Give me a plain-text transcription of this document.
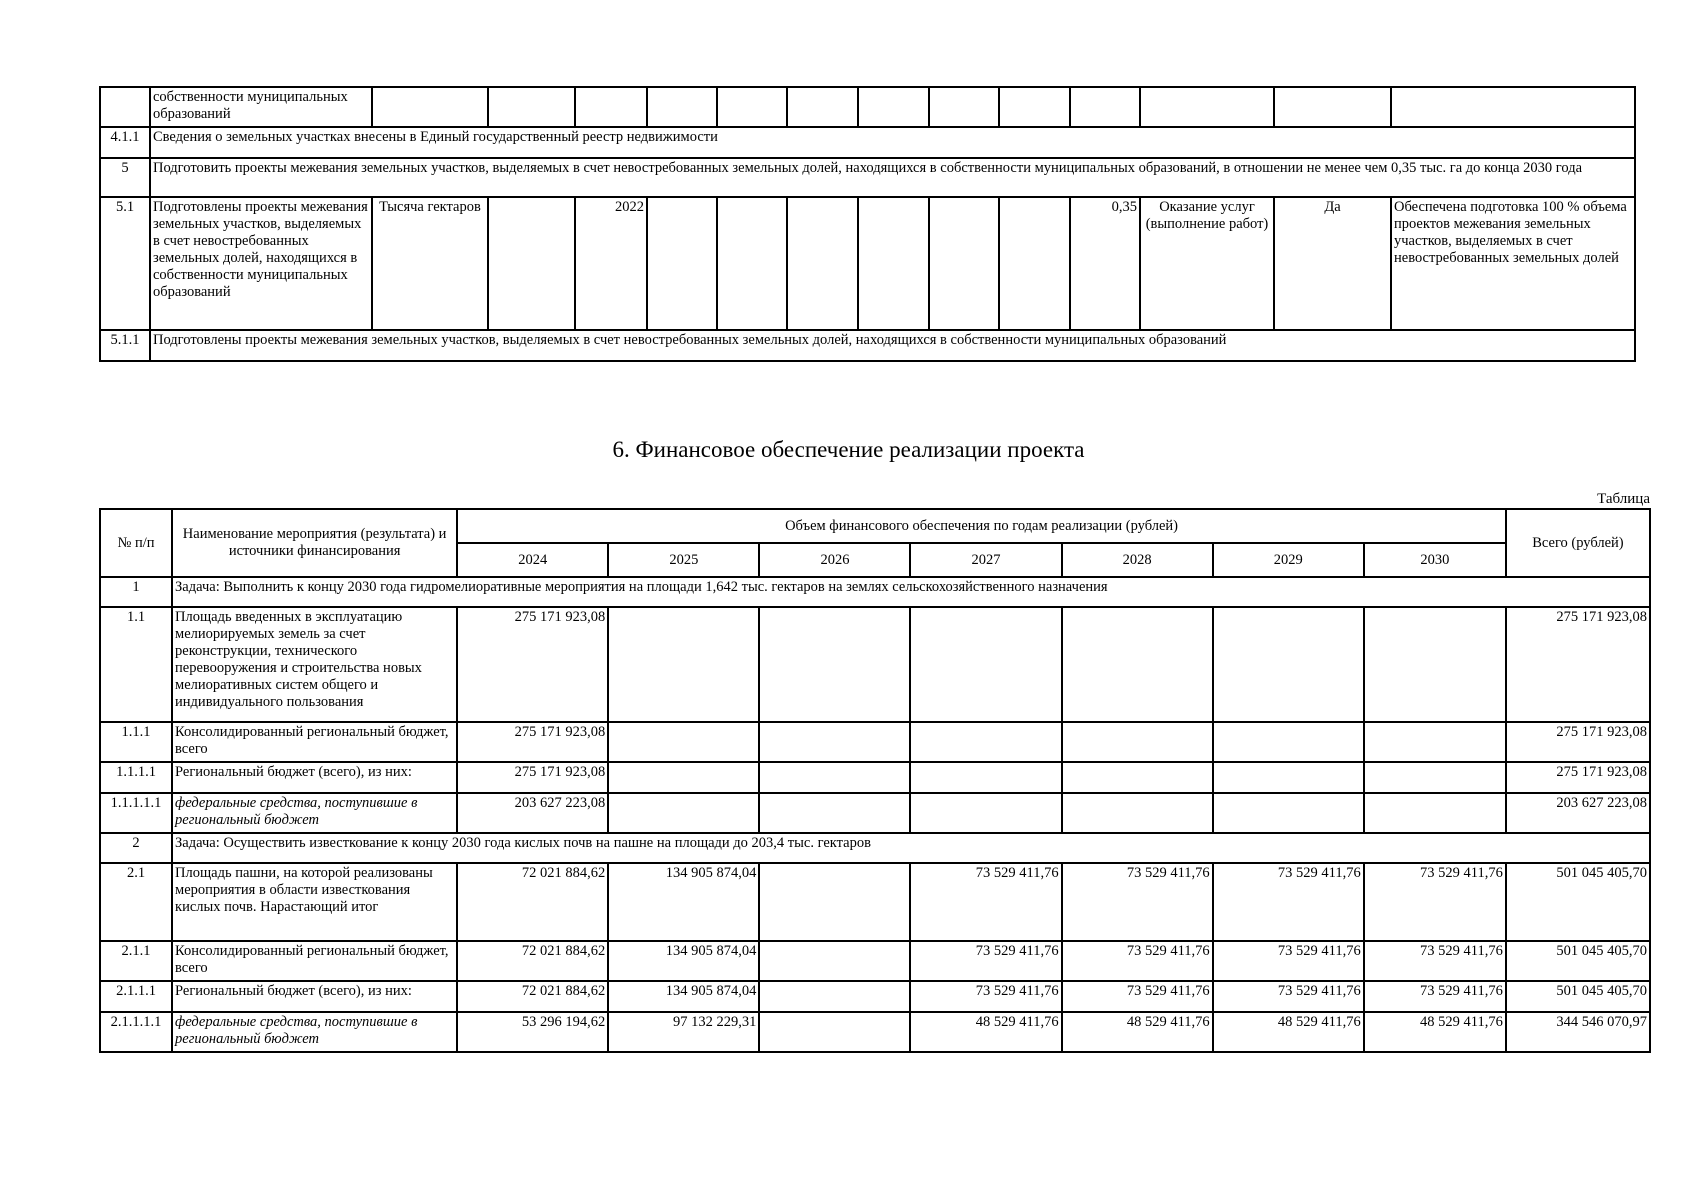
	собственности муниципальных образований													
4.1.1	Сведения о земельных участках внесены в Единый государственный реестр недвижимости													
5	Подготовить проекты межевания земельных участков, выделяемых в счет невостребованных земельных долей, находящихся в собственности муниципальных образований, в отношении не менее чем 0,35 тыс. га до конца 2030 года													
5.1	Подготовлены проекты межевания земельных участков, выделяемых в счет невостребованных земельных долей, находящихся в собственности муниципальных образований	Тысяча гектаров		2022							0,35	Оказание услуг (выполнение работ)	Да	Обеспечена подготовка 100 % объема проектов межевания земельных участков, выделяемых в счет невостребованных земельных долей
5.1.1	Подготовлены проекты межевания земельных участков, выделяемых в счет невостребованных земельных долей, находящихся в собственности муниципальных образований													
6. Финансовое обеспечение реализации проекта
Таблица
№ п/п	Наименование мероприятия (результата) и источники финансирования	Объем финансового обеспечения по годам реализации (рублей)							Всего (рублей)
		2024	2025	2026	2027	2028	2029	2030	
1	Задача: Выполнить к концу 2030 года гидромелиоративные мероприятия на площади 1,642 тыс. гектаров на землях сельскохозяйственного назначения								
1.1	Площадь введенных в эксплуатацию мелиорируемых земель за счет реконструкции, технического перевооружения и строительства новых мелиоративных систем общего и индивидуального пользования	275 171 923,08							275 171 923,08
1.1.1	Консолидированный региональный бюджет, всего	275 171 923,08							275 171 923,08
1.1.1.1	Региональный бюджет (всего), из них:	275 171 923,08							275 171 923,08
1.1.1.1.1	федеральные средства, поступившие в региональный бюджет	203 627 223,08							203 627 223,08
2	Задача: Осуществить известкование к концу 2030 года кислых почв на пашне на площади до 203,4 тыс. гектаров								
2.1	Площадь пашни, на которой реализованы мероприятия в области известкования кислых почв. Нарастающий итог	72 021 884,62	134 905 874,04		73 529 411,76	73 529 411,76	73 529 411,76	73 529 411,76	501 045 405,70
2.1.1	Консолидированный региональный бюджет, всего	72 021 884,62	134 905 874,04		73 529 411,76	73 529 411,76	73 529 411,76	73 529 411,76	501 045 405,70
2.1.1.1	Региональный бюджет (всего), из них:	72 021 884,62	134 905 874,04		73 529 411,76	73 529 411,76	73 529 411,76	73 529 411,76	501 045 405,70
2.1.1.1.1	федеральные средства, поступившие в региональный бюджет	53 296 194,62	97 132 229,31		48 529 411,76	48 529 411,76	48 529 411,76	48 529 411,76	344 546 070,97
